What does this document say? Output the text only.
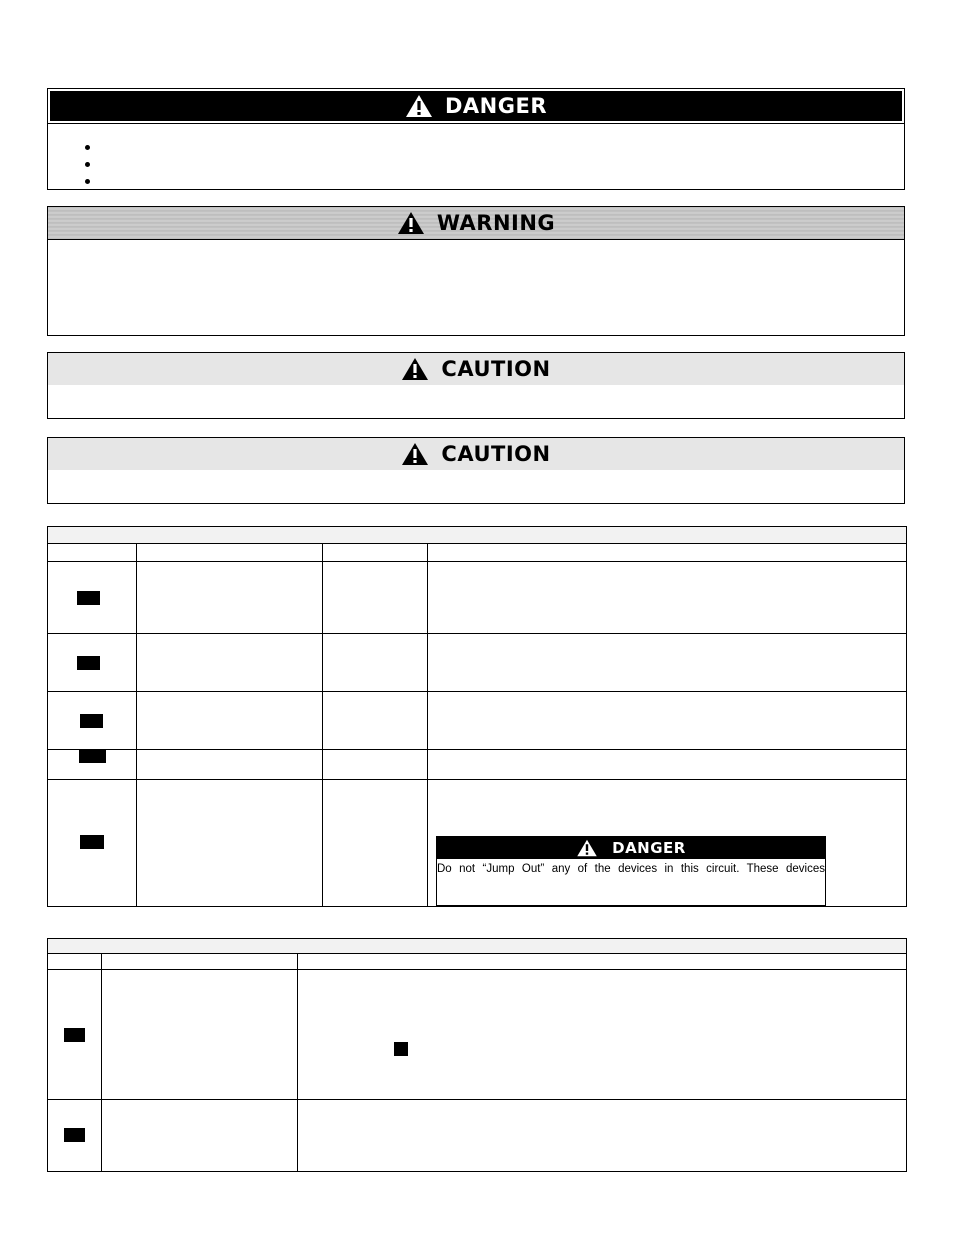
DANGER
WARNING
CAUTION
CAUTION
DANGER
Do not “Jump Out” any of the devices in this circuit. These devices
